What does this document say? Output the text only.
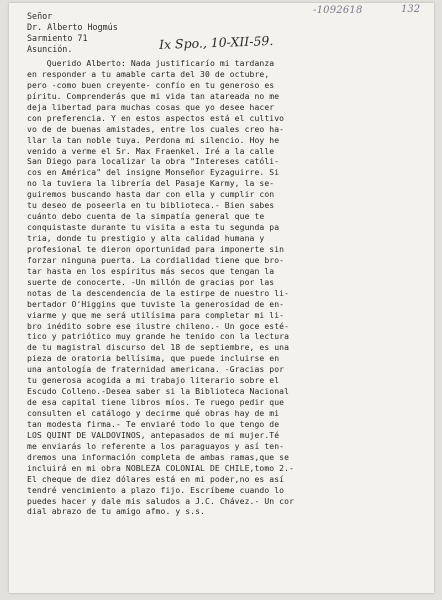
-1092618	132
Señor
Dr. Alberto Hogmús
Sarmiento 71
Asunción.	Ix Spo., 10-XII-59.
Querido Alberto: Nada justificarío mi tardanza
en responder a tu amable carta del 30 de octubre,
pero -como buen creyente- confío en tu generoso es
píritu. Comprenderás que mi vida tan atareada no me
deja libertad para muchas cosas que yo desee hacer
con preferencia. Y en estos aspectos está el cultivo
vo de de buenas amistades, entre los cuales creo ha-
llar la tan noble tuya. Perdona mi silencio. Hoy he
venido a verme el Sr. Max Fraenkel. Iré a la calle
San Diego para localizar la obra "Intereses católi-
cos en América" del insigne Monseñor Eyzaguirre. Si
no la tuviera la librería del Pasaje Karmy, la se-
guiremos buscando hasta dar con ella y cumplir con
tu deseo de poseerla en tu biblioteca.- Bien sabes
cuánto debo cuenta de la simpatía general que te
conquistaste durante tu visita a esta tu segunda pa
tria, donde tu prestigio y alta calidad humana y
profesional te dieron oportunidad para imponerte sin
forzar ninguna puerta. La cordialidad tiene que bro-
tar hasta en los espíritus más secos que tengan la
suerte de conocerte. -Un millón de gracias por las
notas de la descendencia de la estirpe de nuestro li-
bertador O'Higgins que tuviste la generosidad de en-
viarme y que me será utilísima para completar mi li-
bro inédito sobre ese ilustre chileno.- Un goce esté-
tico y patriótico muy grande he tenido con la lectura
de tu magistral discurso del 18 de septiembre, es una
pieza de oratoria bellísima, que puede incluirse en
una antología de fraternidad americana. -Gracias por
tu generosa acogida a mi trabajo literario sobre el
Escudo Colleno.-Desea saber si la Biblioteca Nacional
de esa capital tiene libros míos. Te ruego pedir que
consulten el catálogo y decirme qué obras hay de mi
tan modesta firma.- Te enviaré todo lo que tengo de
LOS QUINT DE VALDOVINOS, antepasados de mi mujer.Té
me enviarás lo referente a los paraguayos y así ten-
dremos una información completa de ambas ramas,que se
incluirá en mi obra NOBLEZA COLONIAL DE CHILE,tomo 2.-
El cheque de diez dólares está en mi poder,no es así
tendré vencimiento a plazo fijo. Escríbeme cuando lo
puedes hacer y dale mis saludos a J.C. Chávez.- Un cor
dial abrazo de tu amigo afmo. y s.s.
